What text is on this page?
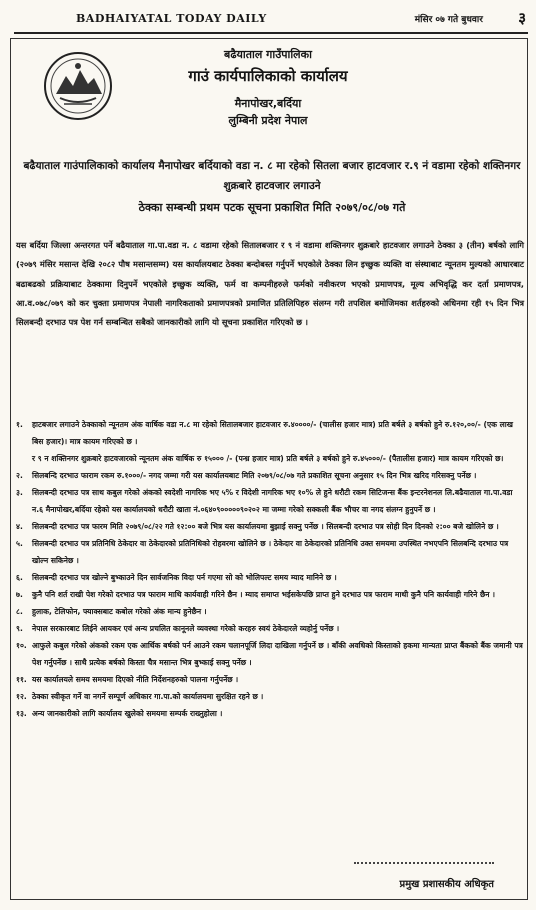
BADHAIYATAL TODAY DAILY	मंसिर ०७ गते बुधवार ३
बढैयाताल गाउँपालिका
गाउं कार्यपालिकाको कार्यालय
मैनापोखर,बर्दिया
लुम्बिनी प्रदेश नेपाल
बढैयाताल गाउंपालिकाको कार्यालय मैनापोखर बर्दियाको वडा न. ८ मा रहेको सितला बजार हाटवजार र.९ नं वडामा रहेको शक्तिनगर शुक्रबारे हाटवजार लगाउने
ठेक्का सम्बन्धी प्रथम पटक सूचना प्रकाशित मिति २०७९/०८/०७ गते

यस बर्दिया जिल्ला अन्तरगत पर्ने बढैयाताल गा.पा.वडा न. ८ वडामा रहेको सितालबजार र ९ नं वडामा शक्तिनगर शुक्रबारे हाटवजार लगाउने ठेक्का ३ (तीन) बर्षको लागि (२०७९ मंसिर मसान्त देखि २०८२ पौष मसान्तसम्म) यस कार्यालयबाट ठेक्का बन्दोबस्त गर्नुपर्ने भएकोले ठेक्का लिन इच्छुक व्यक्ति वा संस्थाबाट न्यूनतम मुल्यको आधारबाट बढाबढको प्रक्रियाबाट ठेक्कामा दिनुपर्ने भएकोले इच्छुक व्यक्ति, फर्म वा कम्पनीहरुले फर्मको नवीकरण भएको प्रमाणपत्र, मूल्य अभिवृद्धि कर दर्ता प्रमाणपत्र, आ.व.०७८/०७९ को कर चुक्ता प्रमाणपत्र नेपाली नागरिकताको प्रमाणपत्रको प्रमाणित प्रतिलिपिहरु संलग्न गरी तपशिल बमोजिमका शर्तहरुको अधिनमा रही १५ दिन भित्र सिलबन्दी दरभाउ पत्र पेश गर्न सम्बन्धित सबैको जानकारीको लागि यो सूचना प्रकाशित गरिएको छ ।

१.	हाटबजार लगाउने ठेक्काको न्यूनतम अंक वार्षिक वडा न.८ मा रहेको सितालबजार हाटवजार रु.४००००/- (चालीस हजार मात्र) प्रति बर्षले ३ बर्षको हुने रु.१२०,००/- (एक लाख बिस हजार)। मात्र कायम गरिएको छ ।
र ९ न शक्तिनगर शुक्रबारे हाटवजारको न्यूनतम अंक वार्षिक रु १५००० /- (पन्ध्र हजार मात्र) प्रति बर्षले ३ बर्षको हुने रु.४५०००/- (पैतालीस हजार) मात्र कायम गरिएको छ।
२.	सिलबन्दि दरभाउ फाराम रकम रु.१०००/- नगद जम्मा गरी यस कार्यालयबाट मिति २०७९/०८/०७ गते प्रकाशित सूचना अनुसार १५ दिन भित्र खरिद गरिसक्नु पर्नेछ ।
३.	सिलबन्दी दरभाउ पत्र साथ कबुल गरेको अंकको स्वदेशी नागरिक भए ५% र विदेशी नागरिक भए १०% ले हुने धरौटी रकम सिटिजन्स बैंक इन्टरनेशनल लि.बढैयाताल गा.पा.वडा न.६ मैनापोखर,बर्दिया रहेको यस कार्यालयको धरौटी खाता नं.०६४०९०००००९०२०२ मा जम्मा गरेको सक्कली बैंक भौचर वा नगद संलग्न हुनुपर्ने छ ।
४.	सिलबन्दी दरभाउ पत्र फारम मिति २०७९/०८/२२ गते १२:०० बजे भित्र यस कार्यालयमा बुझाई सक्नु पर्नेछ । सिलबन्दी दरभाउ पत्र सोही दिन दिनको २:०० बजे खोलिने छ ।
५.	सिलबन्दी दरभाउ पत्र प्रतिनिधि ठेकेदार वा ठेकेदारको प्रतिनिधिको रोहवरमा खोलिने छ । ठेकेदार वा ठेकेदारको प्रतिनिधि उक्त समयमा उपस्थित नभएपनि सिलबन्दि दरभाउ पत्र खोल्न सकिनेछ ।
६.	सिलबन्दी दरभाउ पत्र खोल्ने बुभ्काउने दिन सार्वजनिक विदा पर्न गएमा सो को भोलिपल्ट समय म्याद मानिने छ ।
७.	कुनै पनि शर्त राखी पेश गरेको दरभाउ पत्र फाराम माथि कार्यवाही गरिने छैन । म्याद समाप्त भईसकेपछि प्राप्त हुने दरभाउ पत्र फाराम माथी कुनै पनि कार्यवाही गरिने छैन ।
८.	हुलाक, टेलिफोन, फ्याक्सबाट कबोल गरेको अंक मान्य हुनेछैन ।
९.	नेपाल सरकारबाट लिईने आयकर एवं अन्य प्रचलित कानूनले व्यवस्था गरेको करहरु स्वयं ठेकेदारले व्यहोर्नु पर्नेछ ।
१०. आफुले कबुल गरेको अंकको रकम एक आर्थिक बर्षको पर्न आउने रकम चलानपूर्जि लिदा दाखिला गर्नुपर्ने छ । बाँकी अवधिको किस्ताको हकमा मान्यता प्राप्त बैंकको बैंक जमानी पत्र पेश गर्नुपर्नेछ । साथै प्रत्येक बर्षको किस्ता चैत्र मसान्त भित्र बुभ्काई सक्नु पर्नेछ ।
११. यस कार्यालयले समय समयमा दिएको नीति निर्देशनहरुको पालना गर्नुपर्नेछ ।
१२. ठेक्का स्वीकृत गर्ने वा नगर्ने सम्पूर्ण अधिकार गा.पा.को कार्यालयमा सुरक्षित रहने छ ।
१३. अन्य जानकारीको लागि कार्यालय खुलेको समयमा सम्पर्क राख्नुहोला ।
प्रमुख प्रशासकीय अधिकृत
